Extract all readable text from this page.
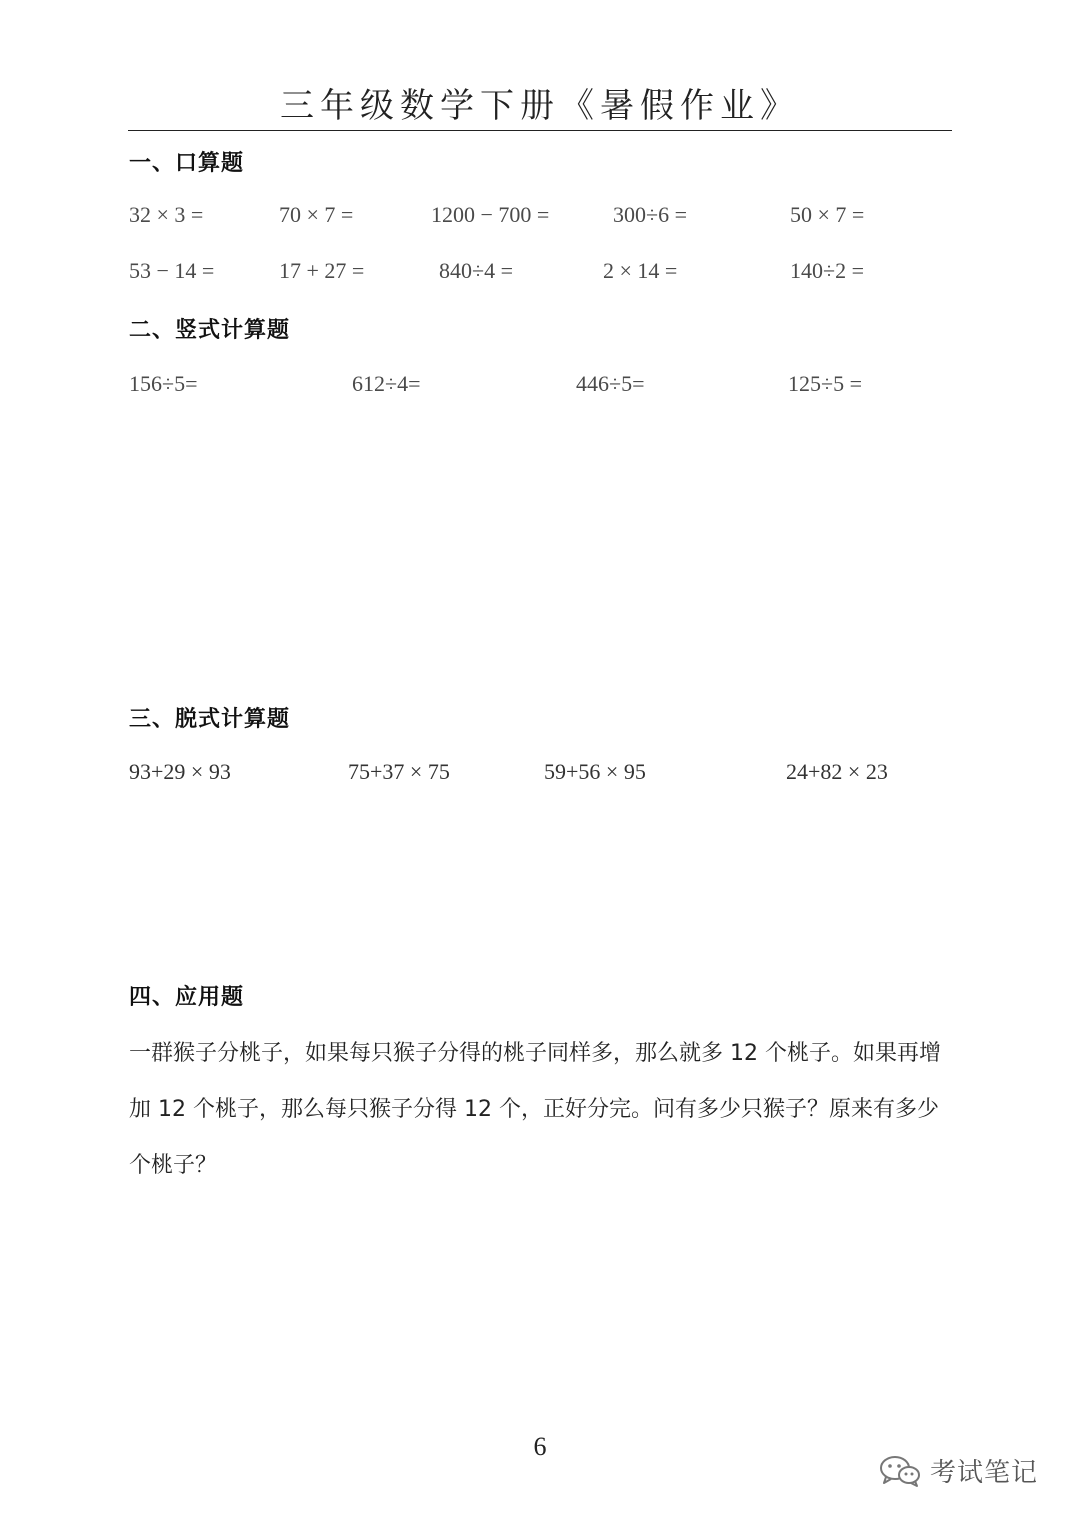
三年级数学下册《暑假作业》
一、口算题
32 × 3 =	70 × 7 =	1200 − 700 =	300÷6 =	50 × 7 =
53 − 14 =	17 + 27 =	840÷4 =	2 × 14 =	140÷2 =
二、竖式计算题
156÷5=	612÷4=	446÷5=	125÷5 =
三、脱式计算题
93+29 × 93	75+37 × 75	59+56 × 95	24+82 × 23
四、应用题
一群猴子分桃子，如果每只猴子分得的桃子同样多，那么就多 12 个桃子。如果再增加 12 个桃子，那么每只猴子分得 12 个，正好分完。问有多少只猴子？原来有多少个桃子？
6
考试笔记
